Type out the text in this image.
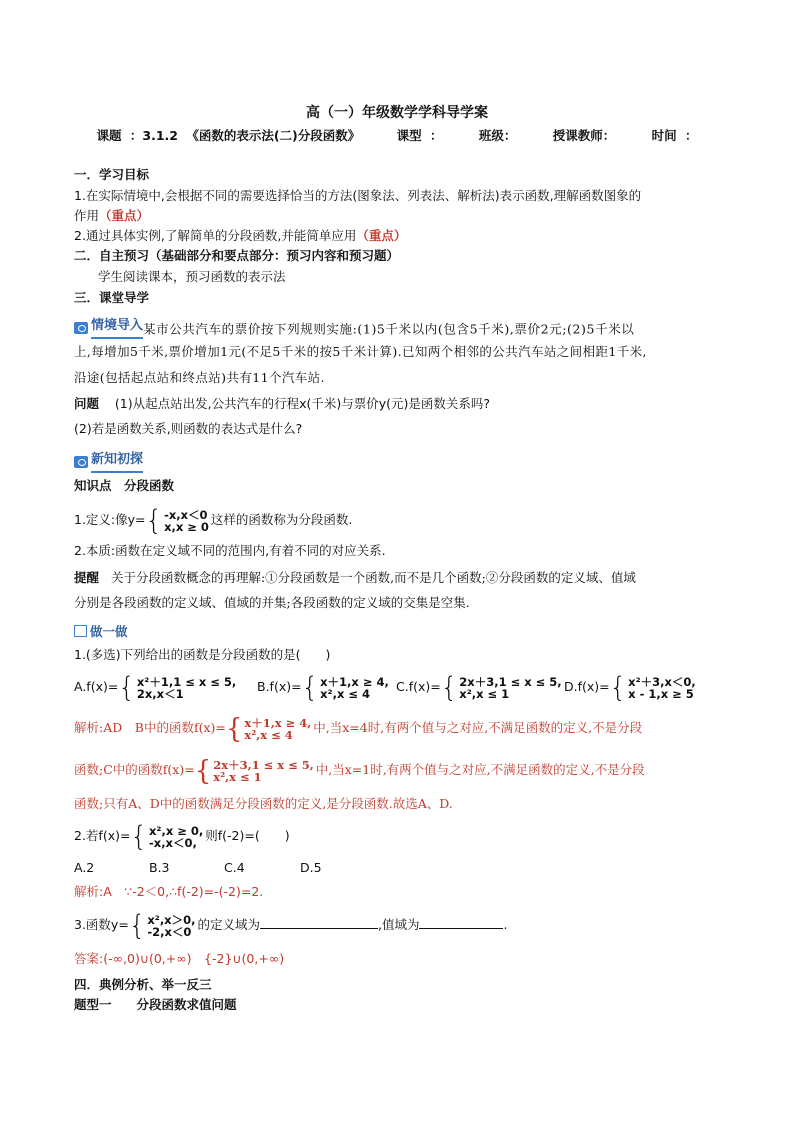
高（一）年级数学学科导学案
课题 ：3.1.2 《函数的表示法(二)分段函数》	课型 ：	班级：	授课教师：	时间 ：
一．学习目标
1.在实际情境中,会根据不同的需要选择恰当的方法(图象法、列表法、解析法)表示函数,理解函数图象的
作用（重点）
2.通过具体实例,了解简单的分段函数,并能简单应用（重点）
二．自主预习（基础部分和要点部分：预习内容和预习题）
学生阅读课本，预习函数的表示法
三．课堂导学
情境导入 某市公共汽车的票价按下列规则实施:(1)5千米以内(包含5千米),票价2元;(2)5千米以
上,每增加5千米,票价增加1元(不足5千米的按5千米计算).已知两个相邻的公共汽车站之间相距1千米,
沿途(包括起点站和终点站)共有11个汽车站.
问题 (1)从起点站出发,公共汽车的行程x(千米)与票价y(元)是函数关系吗?
(2)若是函数关系,则函数的表达式是什么?
新知初探
知识点　分段函数
1.定义:像y={ -x,x＜0
x,x ≥ 0 这样的函数称为分段函数.
2.本质:函数在定义域不同的范围内,有着不同的对应关系.
提醒 关于分段函数概念的再理解:①分段函数是一个函数,而不是几个函数;②分段函数的定义域、值域
分别是各段函数的定义域、值域的并集;各段函数的定义域的交集是空集.
做一做
1.(多选)下列给出的函数是分段函数的是(　　)
A.f(x)={ x²＋1,1 ≤ x ≤ 5,
2x,x＜1	B.f(x)={ x＋1,x ≥ 4,
x²,x ≤ 4	C.f(x)={ 2x＋3,1 ≤ x ≤ 5,
x²,x ≤ 1	D.f(x)={ x²＋3,x＜0,
x - 1,x ≥ 5
解析:AD　B中的函数f(x)={ x＋1,x ≥ 4,
x²,x ≤ 4	中,当x=4时,有两个值与之对应,不满足函数的定义,不是分段
函数;C中的函数f(x)={ 2x＋3,1 ≤ x ≤ 5,
x²,x ≤ 1	中,当x=1时,有两个值与之对应,不满足函数的定义,不是分段
函数;只有A、D中的函数满足分段函数的定义,是分段函数.故选A、D.
2.若f(x)={ x²,x ≥ 0,
-x,x＜0, 则f(-2)=(　　)
A.2	B.3	C.4	D.5
解析:A　∵-2＜0,∴f(-2)=-(-2)=2.
3.函数y={ x²,x＞0,
-2,x＜0 的定义域为	,值域为	.
答案:(-∞,0)∪(0,+∞)　{-2}∪(0,+∞)
四．典例分析、举一反三
题型一　　分段函数求值问题
